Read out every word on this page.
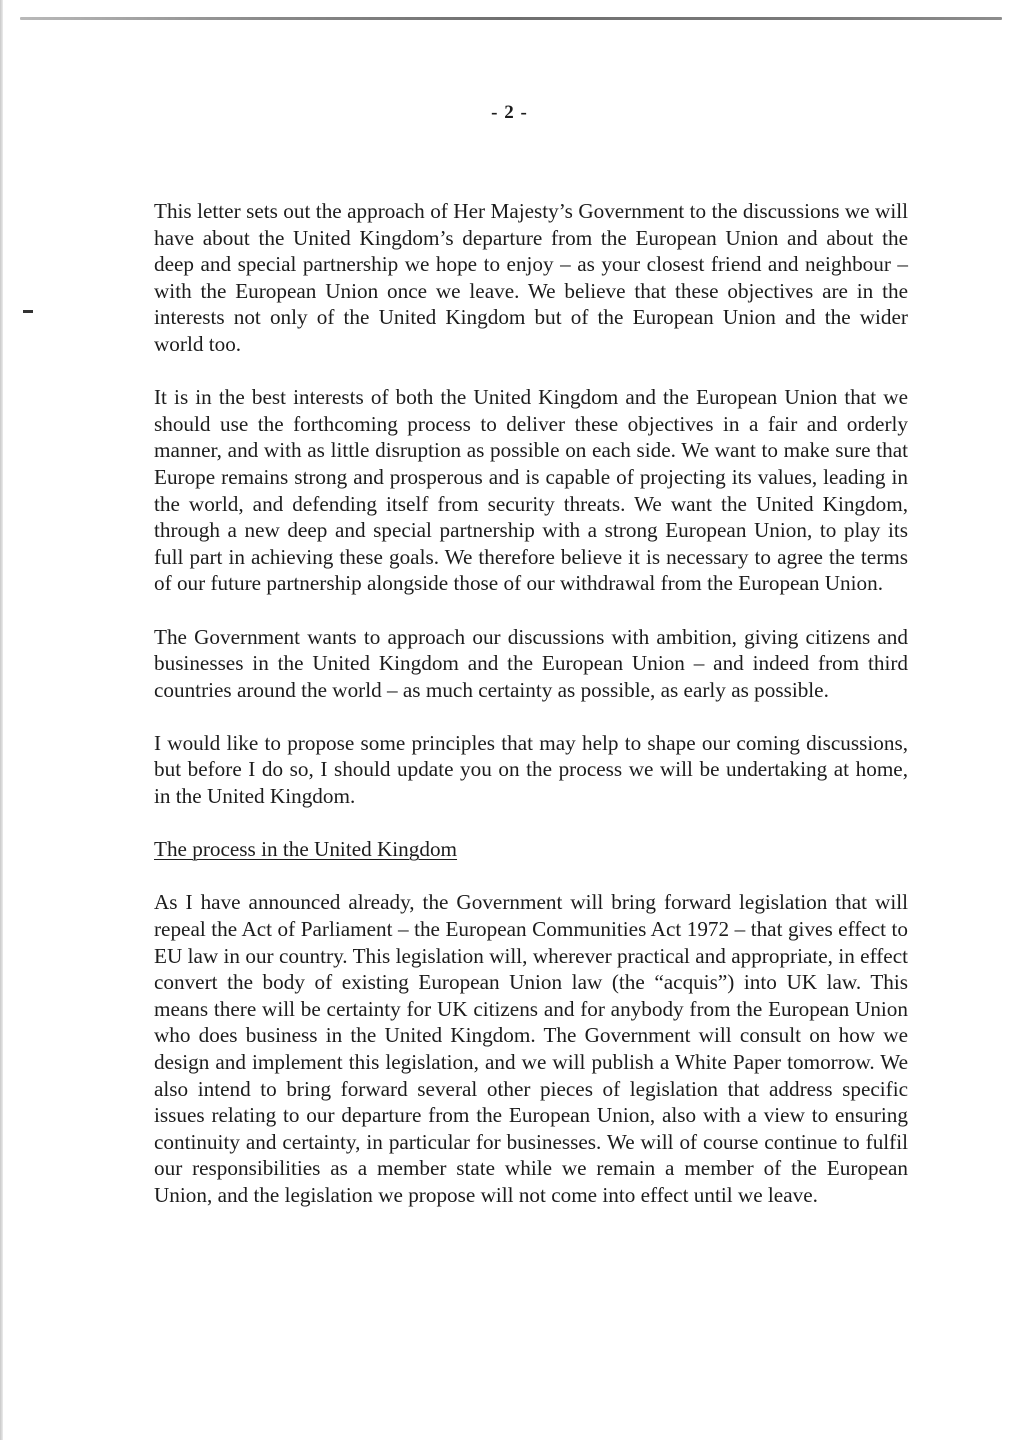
- 2 -

This letter sets out the approach of Her Majesty’s Government to the discussions we will have about the United Kingdom’s departure from the European Union and about the deep and special partnership we hope to enjoy – as your closest friend and neighbour – with the European Union once we leave. We believe that these objectives are in the interests not only of the United Kingdom but of the European Union and the wider world too.

It is in the best interests of both the United Kingdom and the European Union that we should use the forthcoming process to deliver these objectives in a fair and orderly manner, and with as little disruption as possible on each side. We want to make sure that Europe remains strong and prosperous and is capable of projecting its values, leading in the world, and defending itself from security threats. We want the United Kingdom, through a new deep and special partnership with a strong European Union, to play its full part in achieving these goals. We therefore believe it is necessary to agree the terms of our future partnership alongside those of our withdrawal from the European Union.

The Government wants to approach our discussions with ambition, giving citizens and businesses in the United Kingdom and the European Union – and indeed from third countries around the world – as much certainty as possible, as early as possible.

I would like to propose some principles that may help to shape our coming discussions, but before I do so, I should update you on the process we will be undertaking at home, in the United Kingdom.

The process in the United Kingdom

As I have announced already, the Government will bring forward legislation that will repeal the Act of Parliament – the European Communities Act 1972 – that gives effect to EU law in our country. This legislation will, wherever practical and appropriate, in effect convert the body of existing European Union law (the “acquis”) into UK law. This means there will be certainty for UK citizens and for anybody from the European Union who does business in the United Kingdom. The Government will consult on how we design and implement this legislation, and we will publish a White Paper tomorrow. We also intend to bring forward several other pieces of legislation that address specific issues relating to our departure from the European Union, also with a view to ensuring continuity and certainty, in particular for businesses. We will of course continue to fulfil our responsibilities as a member state while we remain a member of the European Union, and the legislation we propose will not come into effect until we leave.
